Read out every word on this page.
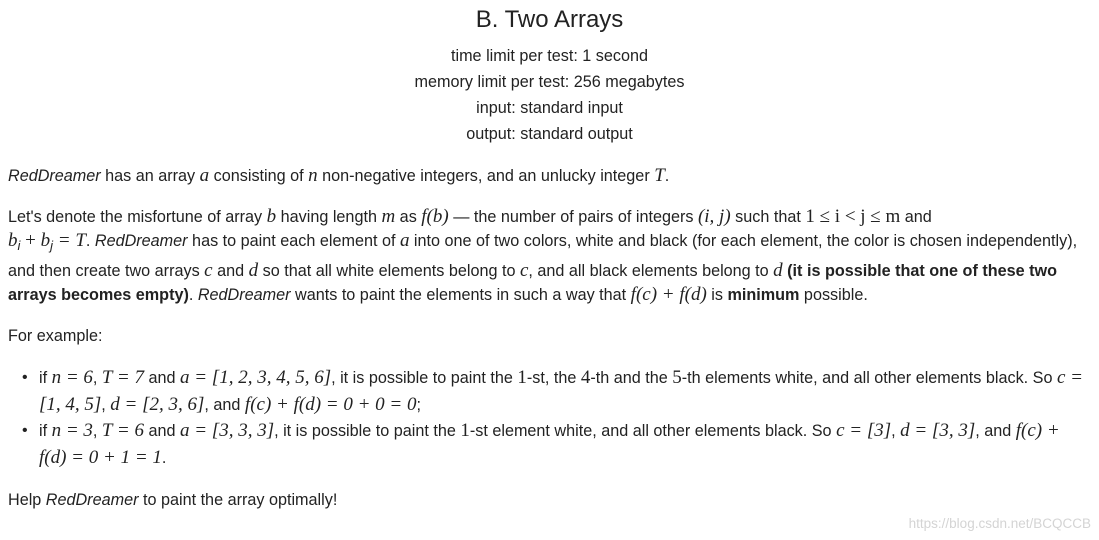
B. Two Arrays
time limit per test: 1 second
memory limit per test: 256 megabytes
input: standard input
output: standard output

RedDreamer has an array a consisting of n non-negative integers, and an unlucky integer T.

Let's denote the misfortune of array b having length m as f(b) — the number of pairs of integers (i, j) such that 1 ≤ i < j ≤ m and
$b_i + b_j = T$. RedDreamer has to paint each element of a into one of two colors, white and black (for each element, the color is chosen independently), and then create two arrays c and d so that all white elements belong to c, and all black elements belong to d (it is possible that one of these two arrays becomes empty). RedDreamer wants to paint the elements in such a way that f(c) + f(d) is minimum possible.

For example:

• if n = 6, T = 7 and a = [1, 2, 3, 4, 5, 6], it is possible to paint the 1-st, the 4-th and the 5-th elements white, and all other elements black. So c = [1, 4, 5], d = [2, 3, 6], and f(c) + f(d) = 0 + 0 = 0;
• if n = 3, T = 6 and a = [3, 3, 3], it is possible to paint the 1-st element white, and all other elements black. So c = [3], d = [3, 3], and f(c) + f(d) = 0 + 1 = 1.

Help RedDreamer to paint the array optimally!

https://blog.csdn.net/BCQCCB
